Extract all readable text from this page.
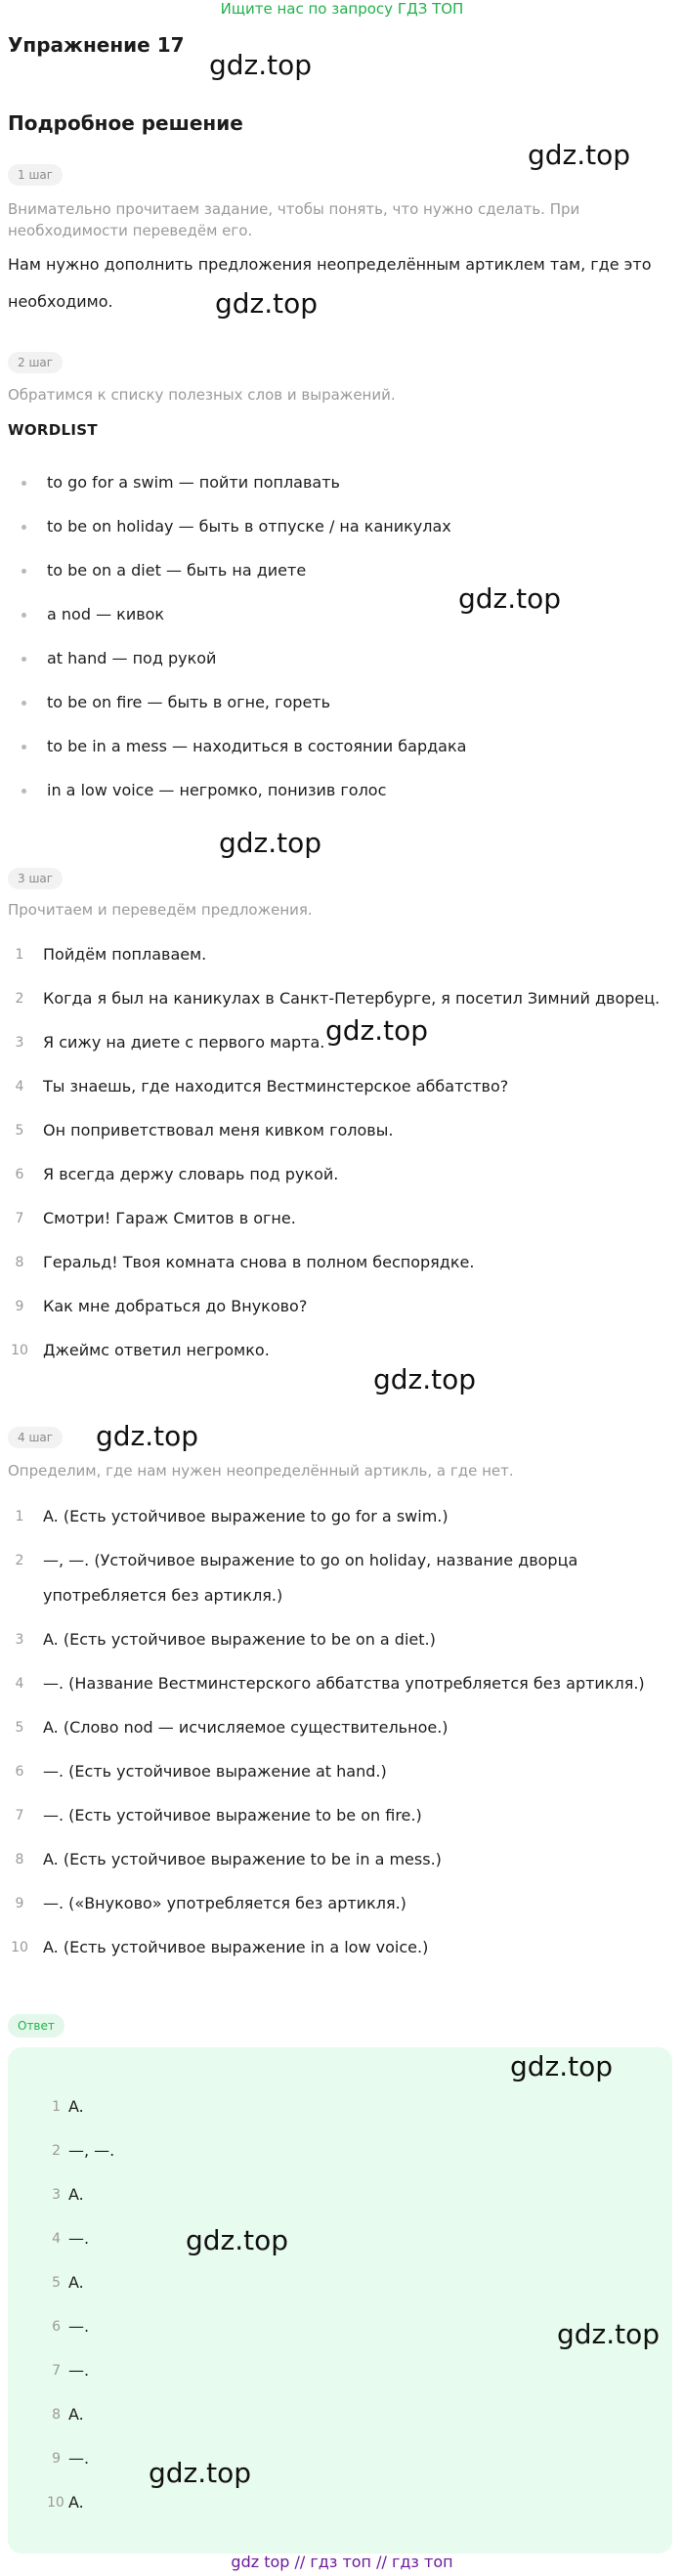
Ищите нас по запросу ГДЗ ТОП
Упражнение 17
Подробное решение
1 шаг
Внимательно прочитаем задание, чтобы понять, что нужно сделать. При необходимости переведём его.
Нам нужно дополнить предложения неопределённым артиклем там, где это необходимо.
2 шаг
Обратимся к списку полезных слов и выражений.
WORDLIST
to go for a swim — пойти поплавать
to be on holiday — быть в отпуске / на каникулах
to be on a diet — быть на диете
a nod — кивок
at hand — под рукой
to be on fire — быть в огне, гореть
to be in a mess — находиться в состоянии бардака
in a low voice — негромко, понизив голос
3 шаг
Прочитаем и переведём предложения.
1	Пойдём поплаваем.
2	Когда я был на каникулах в Санкт-Петербурге, я посетил Зимний дворец.
3	Я сижу на диете с первого марта.
4	Ты знаешь, где находится Вестминстерское аббатство?
5	Он поприветствовал меня кивком головы.
6	Я всегда держу словарь под рукой.
7	Смотри! Гараж Смитов в огне.
8	Геральд! Твоя комната снова в полном беспорядке.
9	Как мне добраться до Внуково?
10 Джеймс ответил негромко.
4 шаг
Определим, где нам нужен неопределённый артикль, а где нет.
1	A. (Есть устойчивое выражение to go for a swim.)
2	—, —. (Устойчивое выражение to go on holiday, название дворца употребляется без артикля.)
3	A. (Есть устойчивое выражение to be on a diet.)
4	—. (Название Вестминстерского аббатства употребляется без артикля.)
5	A. (Слово nod — исчисляемое существительное.)
6	—. (Есть устойчивое выражение at hand.)
7	—. (Есть устойчивое выражение to be on fire.)
8	A. (Есть устойчивое выражение to be in a mess.)
9	—. («Внуково» употребляется без артикля.)
10 A. (Есть устойчивое выражение in a low voice.)
Ответ
1 A.
2 —, —.
3 A.
4 —.
5 A.
6 —.
7 —.
8 A.
9 —.
10 A.
gdz.top
gdz.top
gdz.top
gdz.top
gdz.top
gdz.top
gdz.top
gdz.top
gdz.top
gdz.top
gdz.top
gdz.top
gdz top // гдз топ // гдз топ
